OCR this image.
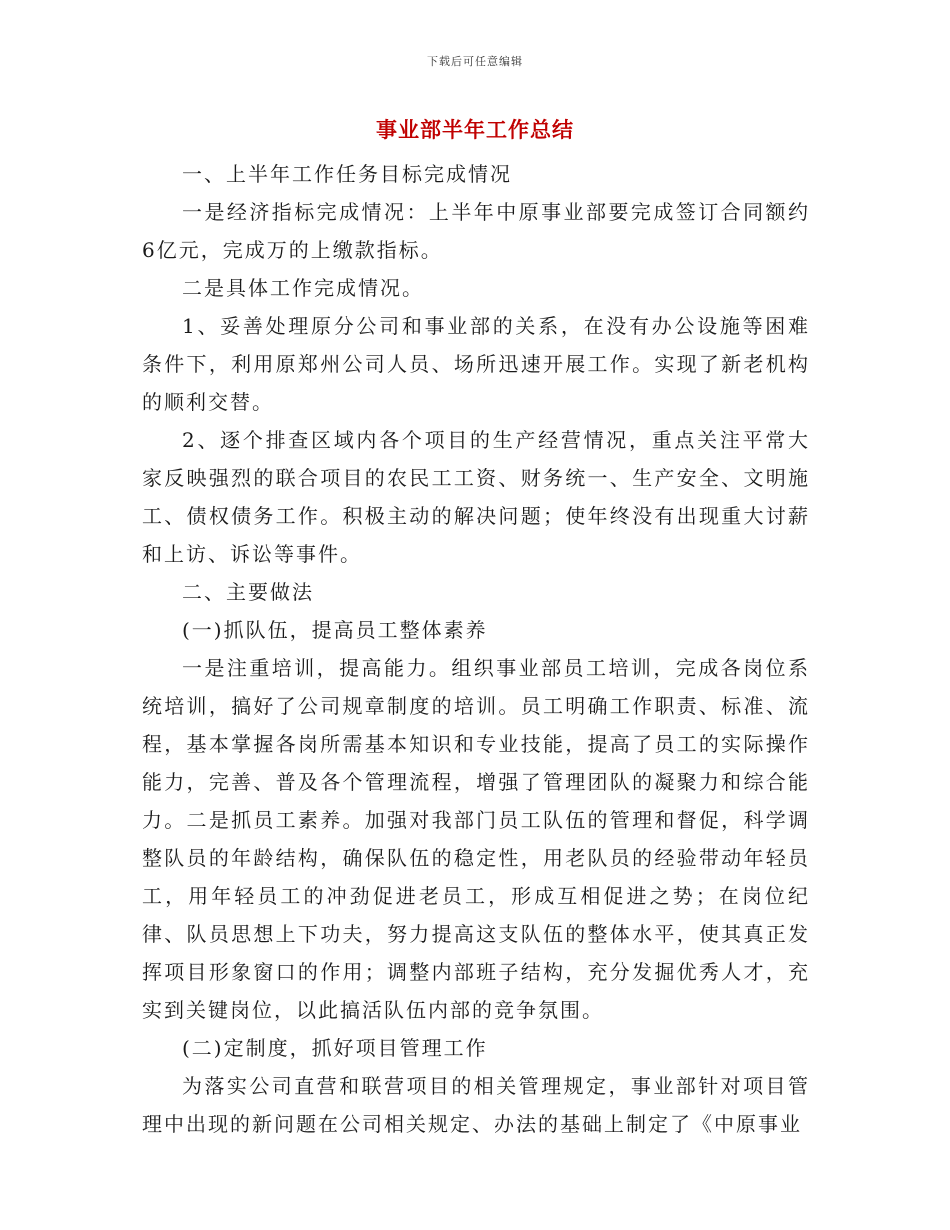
下载后可任意编辑
事业部半年工作总结

一、上半年工作任务目标完成情况

一是经济指标完成情况：上半年中原事业部要完成签订合同额约6亿元，完成万的上缴款指标。

二是具体工作完成情况。

1、妥善处理原分公司和事业部的关系，在没有办公设施等困难条件下，利用原郑州公司人员、场所迅速开展工作。实现了新老机构的顺利交替。

2、逐个排查区域内各个项目的生产经营情况，重点关注平常大家反映强烈的联合项目的农民工工资、财务统一、生产安全、文明施工、债权债务工作。积极主动的解决问题；使年终没有出现重大讨薪和上访、诉讼等事件。

二、主要做法

(一)抓队伍，提高员工整体素养

一是注重培训，提高能力。组织事业部员工培训，完成各岗位系统培训，搞好了公司规章制度的培训。员工明确工作职责、标准、流程，基本掌握各岗所需基本知识和专业技能，提高了员工的实际操作能力，完善、普及各个管理流程，增强了管理团队的凝聚力和综合能力。二是抓员工素养。加强对我部门员工队伍的管理和督促，科学调整队员的年龄结构，确保队伍的稳定性，用老队员的经验带动年轻员工，用年轻员工的冲劲促进老员工，形成互相促进之势；在岗位纪律、队员思想上下功夫，努力提高这支队伍的整体水平，使其真正发挥项目形象窗口的作用；调整内部班子结构，充分发掘优秀人才，充实到关键岗位，以此搞活队伍内部的竞争氛围。

(二)定制度，抓好项目管理工作

为落实公司直营和联营项目的相关管理规定，事业部针对项目管理中出现的新问题在公司相关规定、办法的基础上制定了《中原事业
